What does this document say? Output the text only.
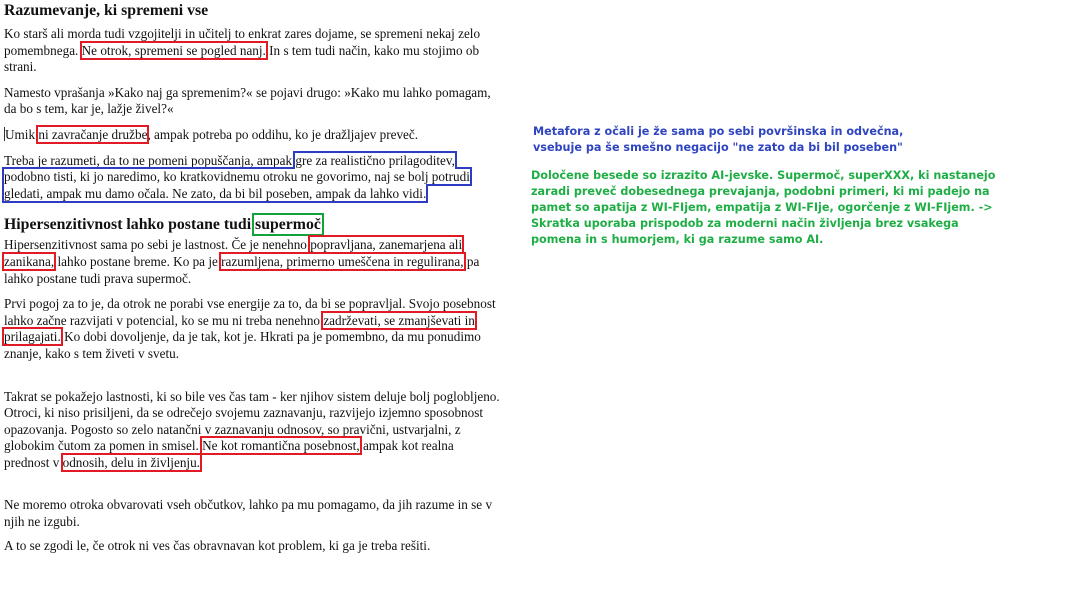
Razumevanje, ki spremeni vse

Ko starš ali morda tudi vzgojitelji in učitelj to enkrat zares dojame, se spremeni nekaj zelo pomembnega. Ne otrok, spremeni se pogled nanj. In s tem tudi način, kako mu stojimo ob strani.

Namesto vprašanja »Kako naj ga spremenim?« se pojavi drugo: »Kako mu lahko pomagam, da bo s tem, kar je, lažje živel?«

Umik ni zavračanje družbe, ampak potreba po oddihu, ko je dražljajev preveč.

Treba je razumeti, da to ne pomeni popuščanja, ampak gre za realistično prilagoditev, podobno tisti, ki jo naredimo, ko kratkovidnemu otroku ne govorimo, naj se bolj potrudi gledati, ampak mu damo očala. Ne zato, da bi bil poseben, ampak da lahko vidi.

Hipersenzitivnost lahko postane tudi supermoč

Hipersenzitivnost sama po sebi je lastnost. Če je nenehno popravljana, zanemarjena ali zanikana, lahko postane breme. Ko pa je razumljena, primerno umeščena in regulirana, pa lahko postane tudi prava supermoč.

Prvi pogoj za to je, da otrok ne porabi vse energije za to, da bi se popravljal. Svojo posebnost lahko začne razvijati v potencial, ko se mu ni treba nenehno zadrževati, se zmanjševati in prilagajati. Ko dobi dovoljenje, da je tak, kot je. Hkrati pa je pomembno, da mu ponudimo znanje, kako s tem živeti v svetu.

Takrat se pokažejo lastnosti, ki so bile ves čas tam - ker njihov sistem deluje bolj poglobljeno. Otroci, ki niso prisiljeni, da se odrečejo svojemu zaznavanju, razvijejo izjemno sposobnost opazovanja. Pogosto so zelo natančni v zaznavanju odnosov, so pravični, ustvarjalni, z globokim čutom za pomen in smisel. Ne kot romantična posebnost, ampak kot realna prednost v odnosih, delu in življenju.

Ne moremo otroka obvarovati vseh občutkov, lahko pa mu pomagamo, da jih razume in se v njih ne izgubi.

A to se zgodi le, če otrok ni ves čas obravnavan kot problem, ki ga je treba rešiti.

Metafora z očali je že sama po sebi površinska in odvečna, vsebuje pa še smešno negacijo "ne zato da bi bil poseben"
Določene besede so izrazito AI-jevske. Supermoč, superXXX, ki nastanejo zaradi preveč dobesednega prevajanja, podobni primeri, ki mi padejo na pamet so apatija z WI-FIjem, empatija z WI-FIje, ogorčenje z WI-FIjem. -> Skratka uporaba prispodob za moderni način življenja brez vsakega pomena in s humorjem, ki ga razume samo AI.
